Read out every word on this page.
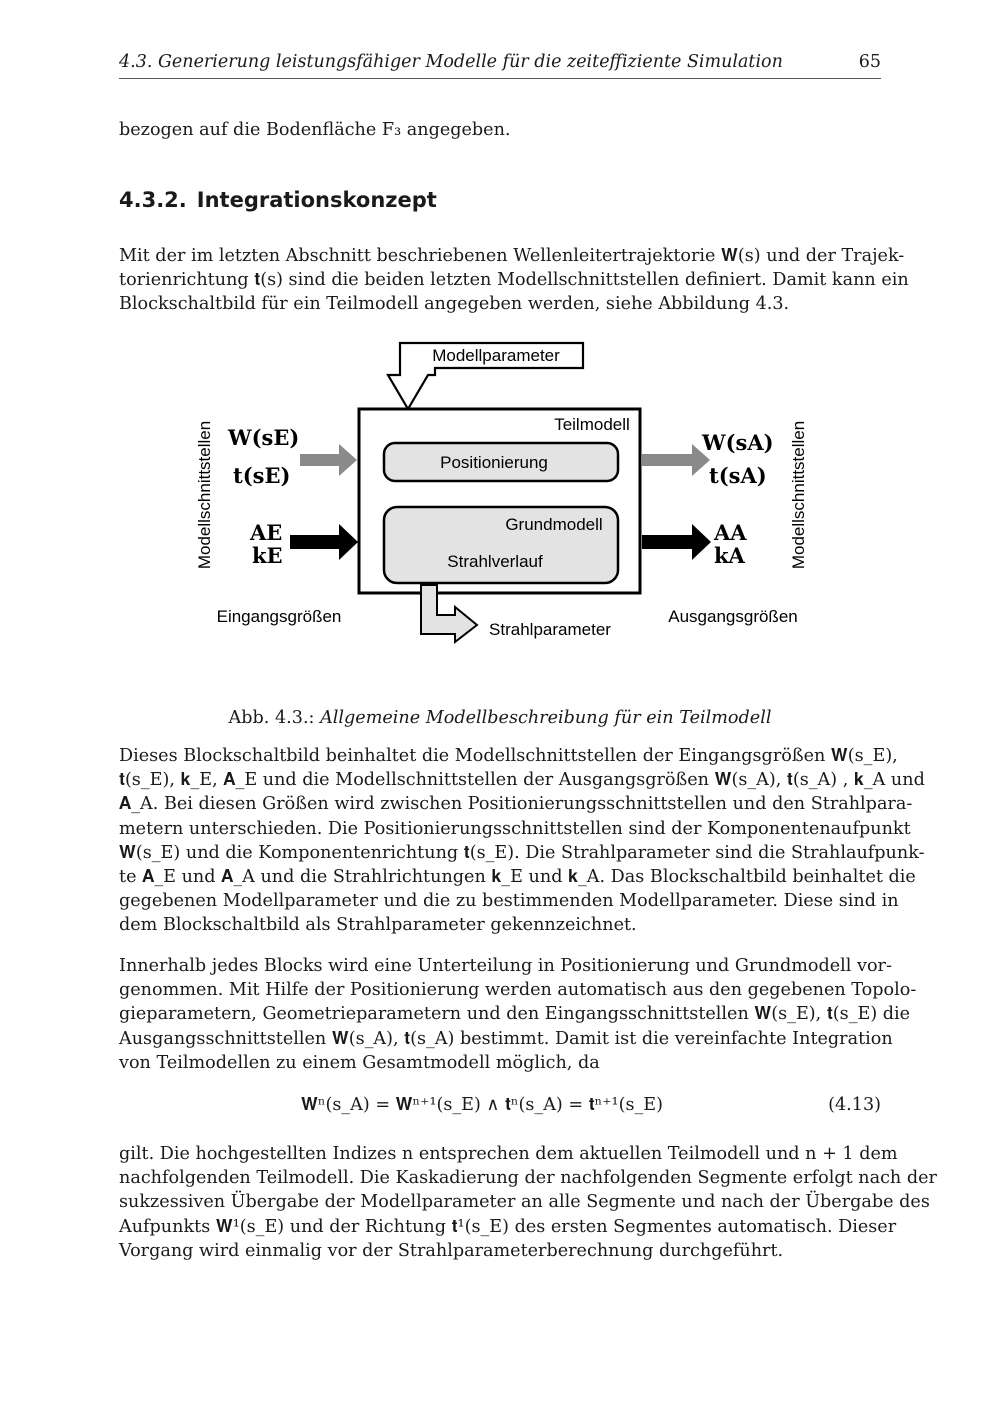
4.3. Generierung leistungsfähiger Modelle für die zeiteffiziente Simulation	65

bezogen auf die Bodenfläche F₃ angegeben.

4.3.2. Integrationskonzept

Mit der im letzten Abschnitt beschriebenen Wellenleitertrajektorie 𝐖(s) und der Trajek-
torienrichtung 𝐭(s) sind die beiden letzten Modellschnittstellen definiert. Damit kann ein
Blockschaltbild für ein Teilmodell angegeben werden, siehe Abbildung 4.3.

Abb. 4.3.: Allgemeine Modellbeschreibung für ein Teilmodell

Dieses Blockschaltbild beinhaltet die Modellschnittstellen der Eingangsgrößen 𝐖(s_E),
𝐭(s_E), 𝐤_E, 𝐀_E und die Modellschnittstellen der Ausgangsgrößen 𝐖(s_A), 𝐭(s_A) , 𝐤_A und
𝐀_A. Bei diesen Größen wird zwischen Positionierungsschnittstellen und den Strahlpara-
metern unterschieden. Die Positionierungsschnittstellen sind der Komponentenaufpunkt
𝐖(s_E) und die Komponentenrichtung 𝐭(s_E). Die Strahlparameter sind die Strahlaufpunk-
te 𝐀_E und 𝐀_A und die Strahlrichtungen 𝐤_E und 𝐤_A. Das Blockschaltbild beinhaltet die
gegebenen Modellparameter und die zu bestimmenden Modellparameter. Diese sind in
dem Blockschaltbild als Strahlparameter gekennzeichnet.

Innerhalb jedes Blocks wird eine Unterteilung in Positionierung und Grundmodell vor-
genommen. Mit Hilfe der Positionierung werden automatisch aus den gegebenen Topolo-
gieparametern, Geometrieparametern und den Eingangsschnittstellen 𝐖(s_E), 𝐭(s_E) die
Ausgangsschnittstellen 𝐖(s_A), 𝐭(s_A) bestimmt. Damit ist die vereinfachte Integration
von Teilmodellen zu einem Gesamtmodell möglich, da

𝐖ⁿ(s_A) = 𝐖ⁿ⁺¹(s_E) ∧ 𝐭ⁿ(s_A) = 𝐭ⁿ⁺¹(s_E)	(4.13)

gilt. Die hochgestellten Indizes n entsprechen dem aktuellen Teilmodell und n + 1 dem
nachfolgenden Teilmodell. Die Kaskadierung der nachfolgenden Segmente erfolgt nach der
sukzessiven Übergabe der Modellparameter an alle Segmente und nach der Übergabe des
Aufpunkts 𝐖¹(s_E) und der Richtung 𝐭¹(s_E) des ersten Segmentes automatisch. Dieser
Vorgang wird einmalig vor der Strahlparameterberechnung durchgeführt.

Modellparameter
Teilmodell
Positionierung
Grundmodell
Strahlverlauf
Strahlparameter
Modellschnittstellen	Modellschnittstellen
Eingangsgrößen	Ausgangsgrößen
W(sE)
t(sE)
AE
kE
W(sA)
t(sA)
AA
kA
